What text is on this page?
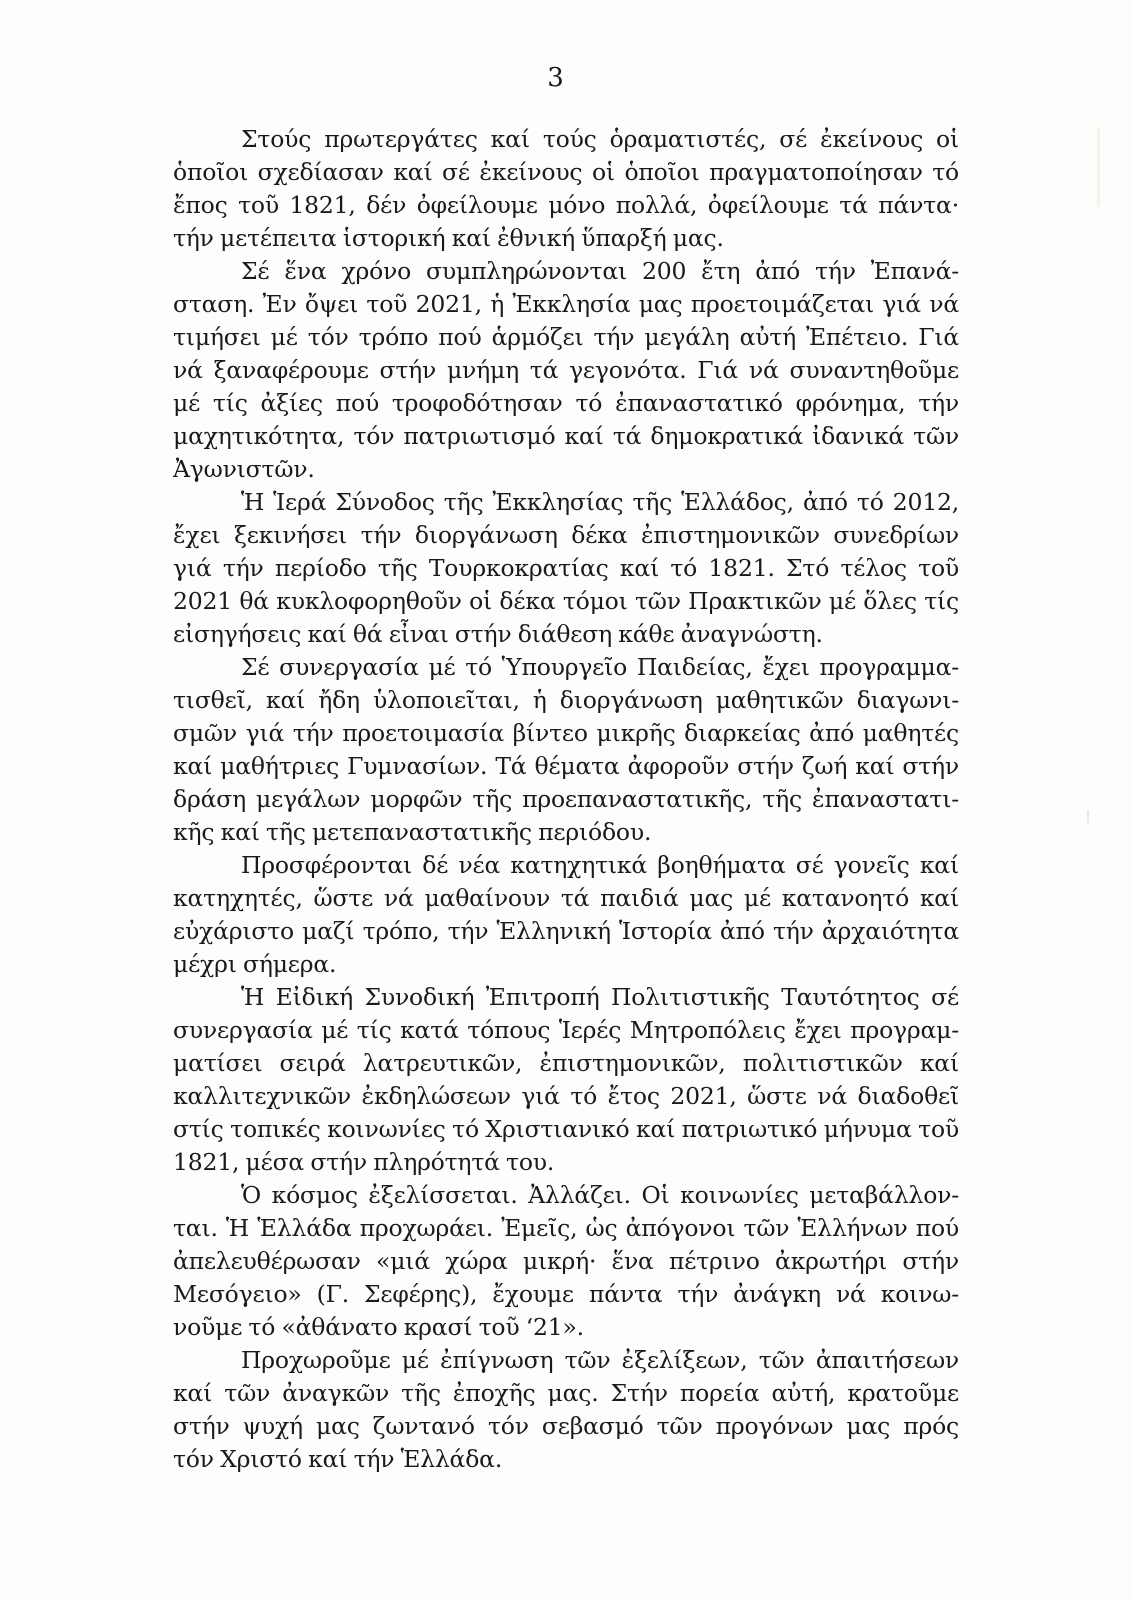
3
Στούς πρωτεργάτες καί τούς ὁραματιστές, σέ ἐκείνους οἱ
ὁποῖοι σχεδίασαν καί σέ ἐκείνους οἱ ὁποῖοι πραγματοποίησαν τό
ἔπος τοῦ 1821, δέν ὀφείλουμε μόνο πολλά, ὀφείλουμε τά πάντα·
τήν μετέπειτα ἱστορική καί ἐθνική ὕπαρξή μας.
Σέ ἕνα χρόνο συμπληρώνονται 200 ἔτη ἀπό τήν Ἐπανά-
σταση. Ἐν ὄψει τοῦ 2021, ἡ Ἐκκλησία μας προετοιμάζεται γιά νά
τιμήσει μέ τόν τρόπο πού ἁρμόζει τήν μεγάλη αὐτή Ἐπέτειο. Γιά
νά ξαναφέρουμε στήν μνήμη τά γεγονότα. Γιά νά συναντηθοῦμε
μέ τίς ἀξίες πού τροφοδότησαν τό ἐπαναστατικό φρόνημα, τήν
μαχητικότητα, τόν πατριωτισμό καί τά δημοκρατικά ἰδανικά τῶν
Ἀγωνιστῶν.
Ἡ Ἱερά Σύνοδος τῆς Ἐκκλησίας τῆς Ἑλλάδος, ἀπό τό 2012,
ἔχει ξεκινήσει τήν διοργάνωση δέκα ἐπιστημονικῶν συνεδρίων
γιά τήν περίοδο τῆς Τουρκοκρατίας καί τό 1821. Στό τέλος τοῦ
2021 θά κυκλοφορηθοῦν οἱ δέκα τόμοι τῶν Πρακτικῶν μέ ὅλες τίς
εἰσηγήσεις καί θά εἶναι στήν διάθεση κάθε ἀναγνώστη.
Σέ συνεργασία μέ τό Ὑπουργεῖο Παιδείας, ἔχει προγραμμα-
τισθεῖ, καί ἤδη ὑλοποιεῖται, ἡ διοργάνωση μαθητικῶν διαγωνι-
σμῶν γιά τήν προετοιμασία βίντεο μικρῆς διαρκείας ἀπό μαθητές
καί μαθήτριες Γυμνασίων. Τά θέματα ἀφοροῦν στήν ζωή καί στήν
δράση μεγάλων μορφῶν τῆς προεπαναστατικῆς, τῆς ἐπαναστατι-
κῆς καί τῆς μετεπαναστατικῆς περιόδου.
Προσφέρονται δέ νέα κατηχητικά βοηθήματα σέ γονεῖς καί
κατηχητές, ὥστε νά μαθαίνουν τά παιδιά μας μέ κατανοητό καί
εὐχάριστο μαζί τρόπο, τήν Ἑλληνική Ἱστορία ἀπό τήν ἀρχαιότητα
μέχρι σήμερα.
Ἡ Εἰδική Συνοδική Ἐπιτροπή Πολιτιστικῆς Ταυτότητος σέ
συνεργασία μέ τίς κατά τόπους Ἱερές Μητροπόλεις ἔχει προγραμ-
ματίσει σειρά λατρευτικῶν, ἐπιστημονικῶν, πολιτιστικῶν καί
καλλιτεχνικῶν ἐκδηλώσεων γιά τό ἔτος 2021, ὥστε νά διαδοθεῖ
στίς τοπικές κοινωνίες τό Χριστιανικό καί πατριωτικό μήνυμα τοῦ
1821, μέσα στήν πληρότητά του.
Ὁ κόσμος ἐξελίσσεται. Ἀλλάζει. Οἱ κοινωνίες μεταβάλλον-
ται. Ἡ Ἑλλάδα προχωράει. Ἐμεῖς, ὡς ἀπόγονοι τῶν Ἑλλήνων πού
ἀπελευθέρωσαν «μιά χώρα μικρή· ἕνα πέτρινο ἀκρωτήρι στήν
Μεσόγειο» (Γ. Σεφέρης), ἔχουμε πάντα τήν ἀνάγκη νά κοινω-
νοῦμε τό «ἀθάνατο κρασί τοῦ ‘21».
Προχωροῦμε μέ ἐπίγνωση τῶν ἐξελίξεων, τῶν ἀπαιτήσεων
καί τῶν ἀναγκῶν τῆς ἐποχῆς μας. Στήν πορεία αὐτή, κρατοῦμε
στήν ψυχή μας ζωντανό τόν σεβασμό τῶν προγόνων μας πρός
τόν Χριστό καί τήν Ἑλλάδα.
